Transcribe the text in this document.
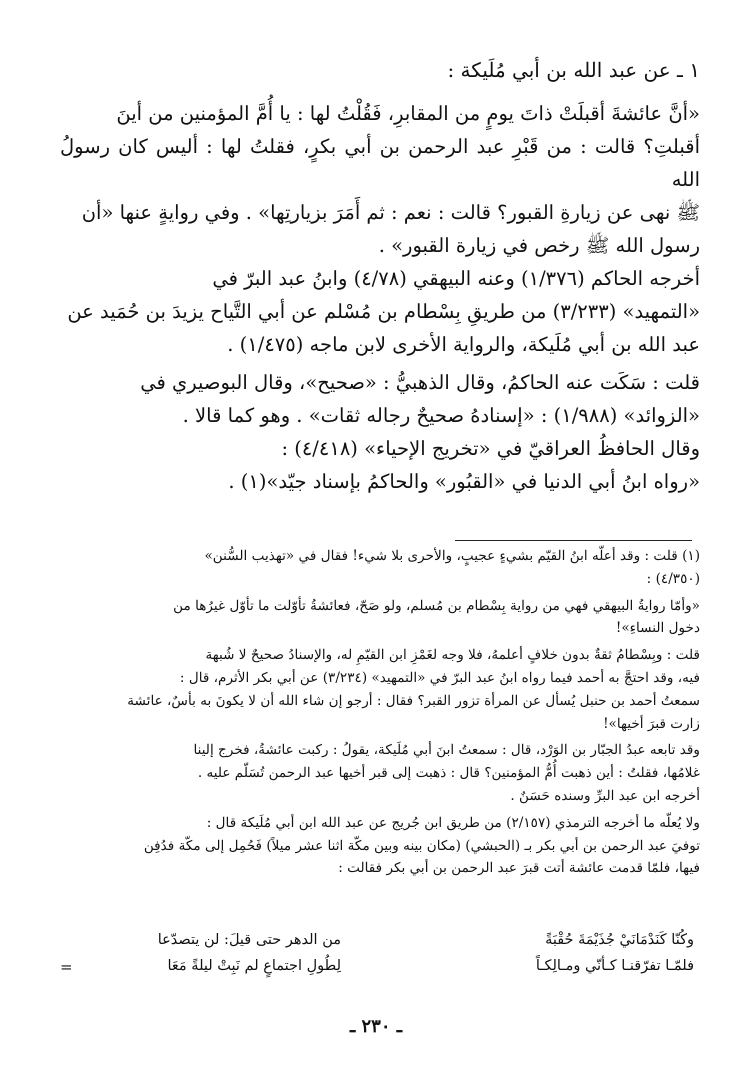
١ ـ عن عبد الله بن أبي مُلَيكة :

«أنَّ عائشةَ أقبلَتْ ذاتَ يومٍ من المقابرِ، فَقُلْتُ لها : يا أُمَّ المؤمنين من أينَ

أقبلتِ؟ قالت : من قَبْرِ عبد الرحمن بن أبي بكرٍ، فقلتُ لها : أليس كان رسولُ الله

ﷺ نهى عن زيارةِ القبور؟ قالت : نعم : ثم أَمَرَ بزيارتِها» . وفي روايةٍ عنها «أن

رسول الله ﷺ رخص في زيارة القبور» .

أخرجه الحاكم (١/٣٧٦) وعنه البيهقي (٤/٧٨) وابنُ عبد البرّ في

«التمهيد» (٣/٢٣٣) من طريقِ بِسْطام بن مُسْلم عن أبي التَّياح يزيدَ بن حُمَيد عن

عبد الله بن أبي مُلَيكة، والرواية الأخرى لابن ماجه (١/٤٧٥) .

قلت : سَكَت عنه الحاكمُ، وقال الذهبيُّ : «صحيح»، وقال البوصيري في

«الزوائد» (١/٩٨٨) : «إسنادهُ صحيحٌ رجاله ثقات» . وهو كما قالا .

وقال الحافظُ العراقيّ في «تخريج الإحياء» (٤/٤١٨) :

«رواه ابنُ أبي الدنيا في «القبُور» والحاكمُ بإسناد جيّد»(١) .

(١) قلت : وقد أعلّه ابنُ القيّم بشيءٍ عجيبٍ، والأحرى بلا شيء! فقال في «تهذيب السُّنن»

(٤/٣٥٠) :

«وأمّا روايةُ البيهقي فهي من رواية بِسْطام بن مُسلم، ولو صَحّ، فعائشةُ تأوّلت ما تأوّل غيرُها من

دخول النساءِ»!

قلت : وبِسْطامُ ثقةٌ بدون خلافٍ أعلمهُ، فلا وجه لغَمْزِ ابن القيّمِ له، والإسنادُ صحيحٌ لا شُبهة

فيه، وقد احتجَّ به أحمد فيما رواه ابنُ عبد البرّ في «التمهيد» (٣/٢٣٤) عن أبي بكر الأثرم، قال :

سمعتُ أحمد بن حنبل يُسأل عن المرأة تزور القبر؟ فقال : أرجو إن شاء الله أن لا يكونَ به بأسٌ، عائشة

زارت قبرَ أخيها»!

وقد تابعه عبدُ الجبّار بن الوَرْد، قال : سمعتُ ابنَ أبي مُلَيكة، يقولُ : ركبت عائشةُ، فخرج إلينا

غلامُها، فقلتُ : أين ذهبت أُمُّ المؤمنين؟ قال : ذهبت إلى قبر أخيها عبد الرحمن تُسَلّم عليه .

أخرجه ابن عبد البرِّ وسنده حَسَنٌ .

ولا يُعلّه ما أخرجه الترمذي (٢/١٥٧) من طريق ابن جُريج عن عبد الله ابن أبي مُلَيكة قال :

توفيَ عبد الرحمن بن أبي بكر بـ (الحبشي) (مكان بينه وبين مكّة اثنا عشر ميلاً) فَحُمِل إلى مكّة فدُفِن

فيها، فلمّا قدمت عائشة أتت قبرَ عبد الرحمن بن أبي بكر فقالت :

وكُنّا كَنَدْمَانَيْ جُذَيْمَةَ حُقْبَةً
من الدهر حتى قيلَ: لن يتصدّعا
فلمّـا تفرّقنـا كـأنّي ومـالِكـاً
لِطُولِ اجتماعٍ لم نَبِتْ ليلةً مَعَا
=
ـ ٢٣٠ ـ
